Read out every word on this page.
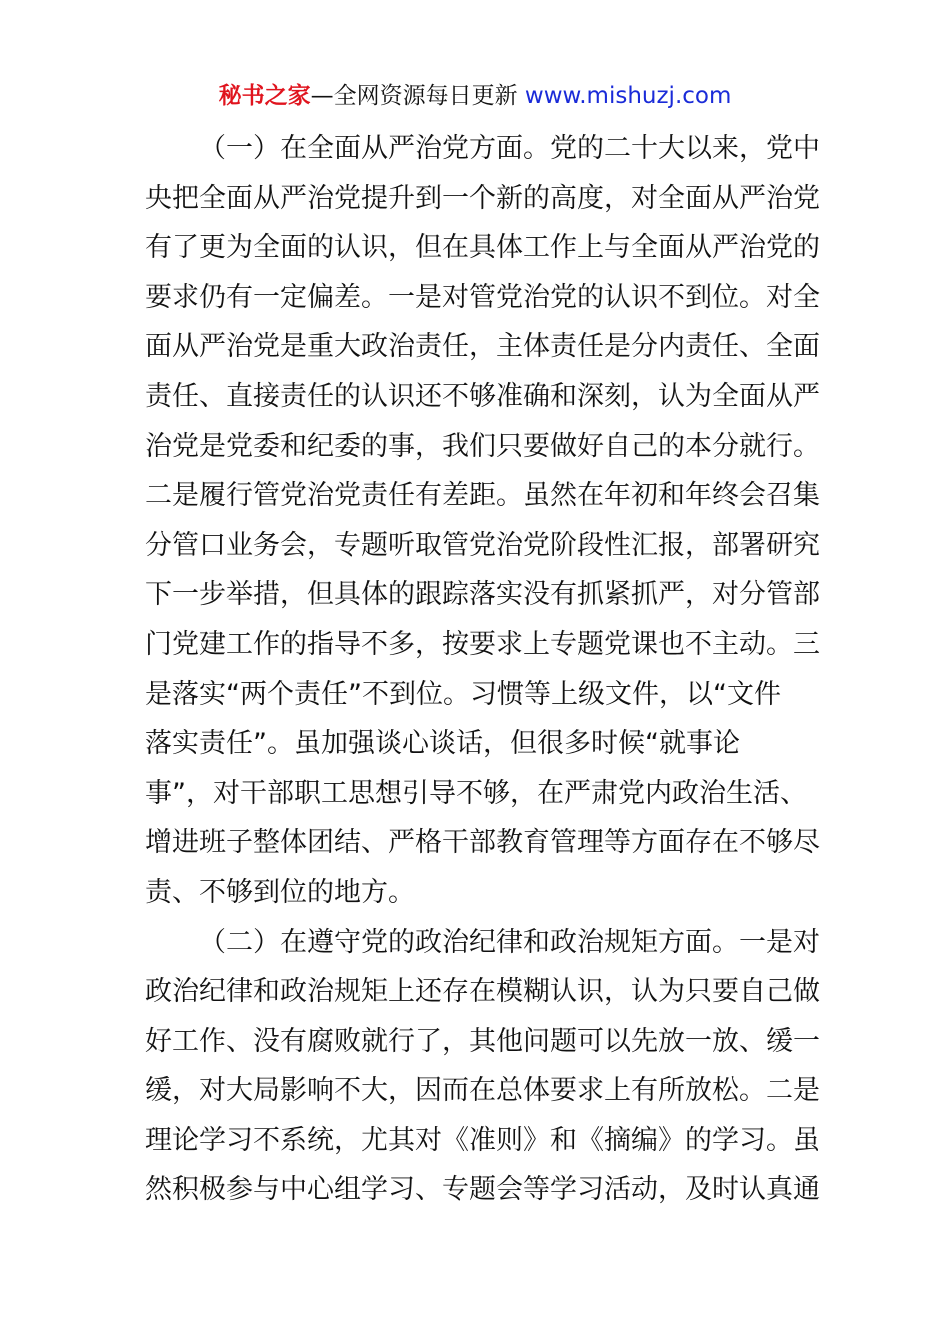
秘书之家—全网资源每日更新 www.mishuzj.com
（一）在全面从严治党方面。党的二十大以来，党中
央把全面从严治党提升到一个新的高度，对全面从严治党
有了更为全面的认识，但在具体工作上与全面从严治党的
要求仍有一定偏差。一是对管党治党的认识不到位。对全
面从严治党是重大政治责任，主体责任是分内责任、全面
责任、直接责任的认识还不够准确和深刻，认为全面从严
治党是党委和纪委的事，我们只要做好自己的本分就行。
二是履行管党治党责任有差距。虽然在年初和年终会召集
分管口业务会，专题听取管党治党阶段性汇报，部署研究
下一步举措，但具体的跟踪落实没有抓紧抓严，对分管部
门党建工作的指导不多，按要求上专题党课也不主动。三
是落实“两个责任”不到位。习惯等上级文件，以“文件
落实责任”。虽加强谈心谈话，但很多时候“就事论
事”，对干部职工思想引导不够，在严肃党内政治生活、
增进班子整体团结、严格干部教育管理等方面存在不够尽
责、不够到位的地方。
（二）在遵守党的政治纪律和政治规矩方面。一是对
政治纪律和政治规矩上还存在模糊认识，认为只要自己做
好工作、没有腐败就行了，其他问题可以先放一放、缓一
缓，对大局影响不大，因而在总体要求上有所放松。二是
理论学习不系统，尤其对《准则》和《摘编》的学习。虽
然积极参与中心组学习、专题会等学习活动，及时认真通
